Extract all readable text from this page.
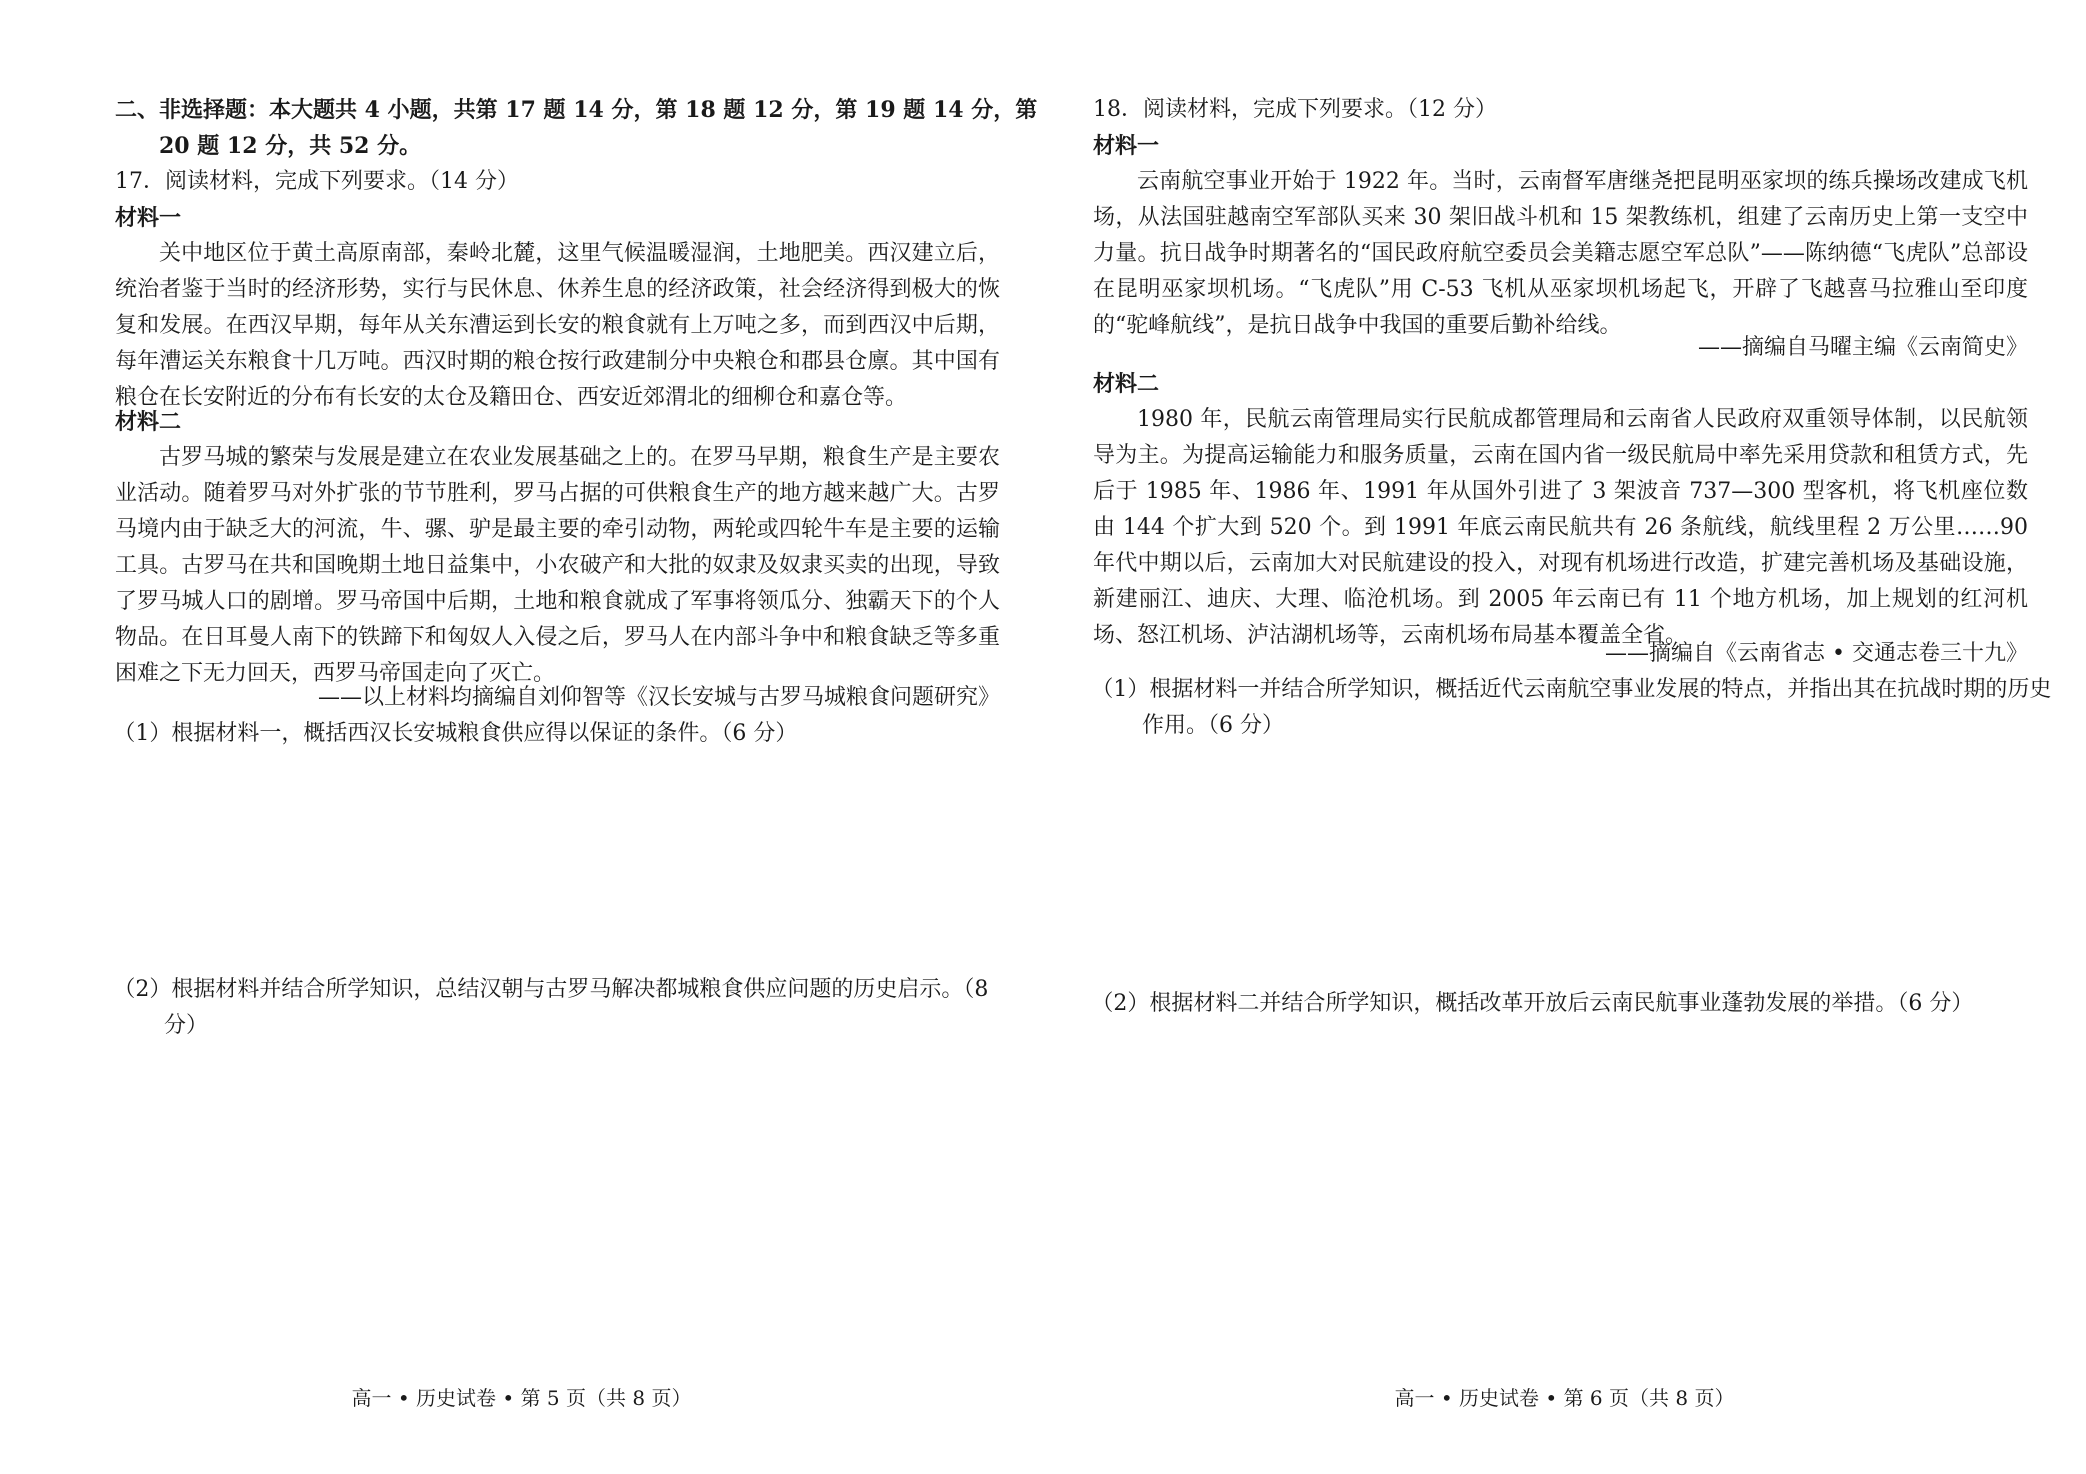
二、非选择题：本大题共 4 小题，共第 17 题 14 分，第 18 题 12 分，第 19 题 14 分，第 20 题 12 分，共 52 分。

17．阅读材料，完成下列要求。（14 分）

材料一

关中地区位于黄土高原南部，秦岭北麓，这里气候温暖湿润，土地肥美。西汉建立后，统治者鉴于当时的经济形势，实行与民休息、休养生息的经济政策，社会经济得到极大的恢复和发展。在西汉早期，每年从关东漕运到长安的粮食就有上万吨之多，而到西汉中后期，每年漕运关东粮食十几万吨。西汉时期的粮仓按行政建制分中央粮仓和郡县仓廪。其中国有粮仓在长安附近的分布有长安的太仓及籍田仓、西安近郊渭北的细柳仓和嘉仓等。

材料二

古罗马城的繁荣与发展是建立在农业发展基础之上的。在罗马早期，粮食生产是主要农业活动。随着罗马对外扩张的节节胜利，罗马占据的可供粮食生产的地方越来越广大。古罗马境内由于缺乏大的河流，牛、骡、驴是最主要的牵引动物，两轮或四轮牛车是主要的运输工具。古罗马在共和国晚期土地日益集中，小农破产和大批的奴隶及奴隶买卖的出现，导致了罗马城人口的剧增。罗马帝国中后期，土地和粮食就成了军事将领瓜分、独霸天下的个人物品。在日耳曼人南下的铁蹄下和匈奴人入侵之后，罗马人在内部斗争中和粮食缺乏等多重困难之下无力回天，西罗马帝国走向了灭亡。

——以上材料均摘编自刘仰智等《汉长安城与古罗马城粮食问题研究》

（1）根据材料一，概括西汉长安城粮食供应得以保证的条件。（6 分）

（2）根据材料并结合所学知识，总结汉朝与古罗马解决都城粮食供应问题的历史启示。（8 分）

高一 • 历史试卷 • 第 5 页（共 8 页）

18．阅读材料，完成下列要求。（12 分）

材料一

云南航空事业开始于 1922 年。当时，云南督军唐继尧把昆明巫家坝的练兵操场改建成飞机场，从法国驻越南空军部队买来 30 架旧战斗机和 15 架教练机，组建了云南历史上第一支空中力量。抗日战争时期著名的“国民政府航空委员会美籍志愿空军总队”——陈纳德“飞虎队”总部设在昆明巫家坝机场。“飞虎队”用 C-53 飞机从巫家坝机场起飞，开辟了飞越喜马拉雅山至印度的“驼峰航线”，是抗日战争中我国的重要后勤补给线。

——摘编自马曜主编《云南简史》

材料二

1980 年，民航云南管理局实行民航成都管理局和云南省人民政府双重领导体制，以民航领导为主。为提高运输能力和服务质量，云南在国内省一级民航局中率先采用贷款和租赁方式，先后于 1985 年、1986 年、1991 年从国外引进了 3 架波音 737—300 型客机，将飞机座位数由 144 个扩大到 520 个。到 1991 年底云南民航共有 26 条航线，航线里程 2 万公里……90 年代中期以后，云南加大对民航建设的投入，对现有机场进行改造，扩建完善机场及基础设施，新建丽江、迪庆、大理、临沧机场。到 2005 年云南已有 11 个地方机场，加上规划的红河机场、怒江机场、泸沽湖机场等，云南机场布局基本覆盖全省。

——摘编自《云南省志 • 交通志卷三十九》

（1）根据材料一并结合所学知识，概括近代云南航空事业发展的特点，并指出其在抗战时期的历史作用。（6 分）

（2）根据材料二并结合所学知识，概括改革开放后云南民航事业蓬勃发展的举措。（6 分）

高一 • 历史试卷 • 第 6 页（共 8 页）
